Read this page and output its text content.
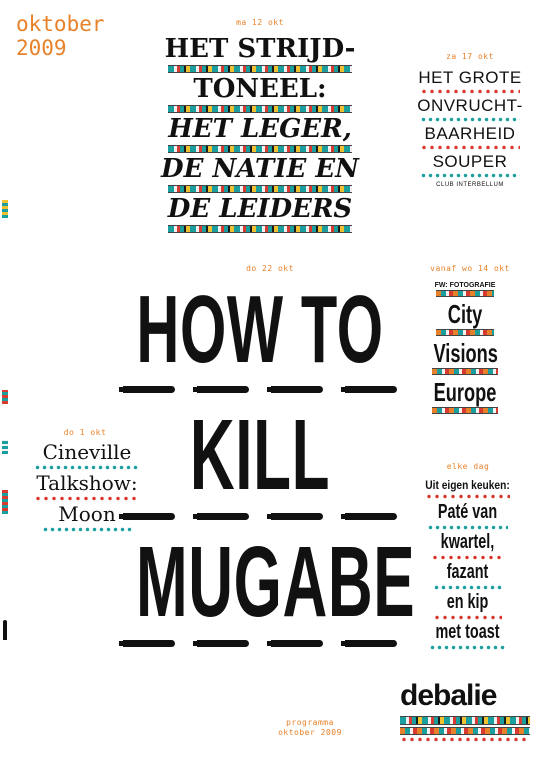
oktober
2009
ma 12 okt
HET STRIJD-
TONEEL:
HET LEGER,
DE NATIE EN
DE LEIDERS
za 17 okt
HET GROTE
ONVRUCHT-
BAARHEID
SOUPER
CLUB INTERBELLUM
do 22 okt
HOW TO
KILL
MUGABE
vanaf wo 14 okt
FW: FOTOGRAFIE
City
Visions
Europe
do 1 okt
Cineville
Talkshow:
Moon
elke dag
Uit eigen keuken:
Paté van
kwartel,
fazant
en kip
met toast
debalie
programma
oktober 2009
